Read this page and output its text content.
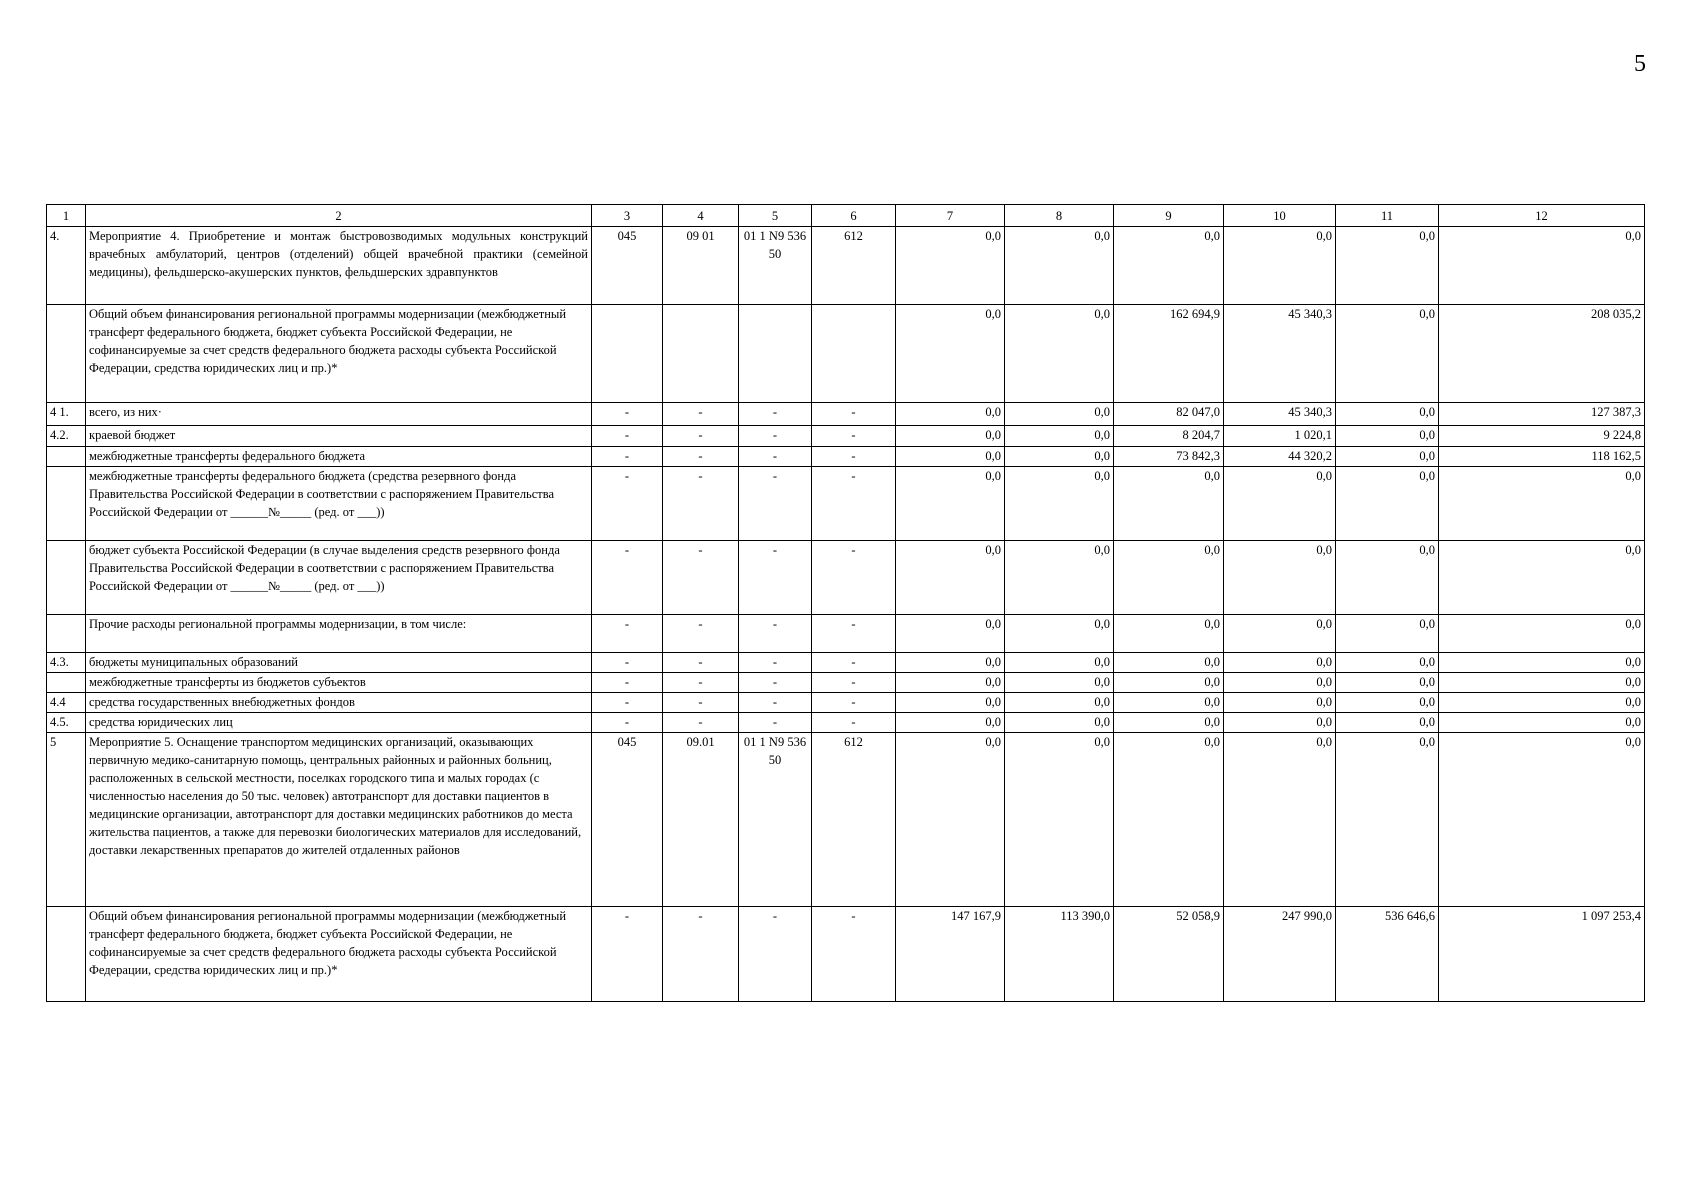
5
1	2	3	4	5	6	7	8	9	10	11	12
4.	Мероприятие 4. Приобретение и монтаж быстровозводимых модульных конструкций врачебных амбулаторий, центров (отделений) общей врачебной практики (семейной медицины), фельдшерско-акушерских пунктов, фельдшерских здравпунктов	045	09 01	01 1 N9 536 50	612	0,0	0,0	0,0	0,0	0,0	0,0
	Общий объем финансирования региональной программы модернизации (межбюджетный трансферт федерального бюджета, бюджет субъекта Российской Федерации, не софинансируемые за счет средств федерального бюджета расходы субъекта Российской Федерации, средства юридических лиц и пр.)*					0,0	0,0	162 694,9	45 340,3	0,0	208 035,2
4 1.	всего, из них·	-	-	-	-	0,0	0,0	82 047,0	45 340,3	0,0	127 387,3
4.2.	краевой бюджет	-	-	-	-	0,0	0,0	8 204,7	1 020,1	0,0	9 224,8
	межбюджетные трансферты федерального бюджета	-	-	-	-	0,0	0,0	73 842,3	44 320,2	0,0	118 162,5
	межбюджетные трансферты федерального бюджета (средства резервного фонда Правительства Российской Федерации в соответствии с распоряжением Правительства Российской Федерации от ______№_____ (ред. от ___))	-	-	-	-	0,0	0,0	0,0	0,0	0,0	0,0
	бюджет субъекта Российской Федерации (в случае выделения средств резервного фонда Правительства Российской Федерации в соответствии с распоряжением Правительства Российской Федерации от ______№_____ (ред. от ___))	-	-	-	-	0,0	0,0	0,0	0,0	0,0	0,0
	Прочие расходы региональной программы модернизации, в том числе:	-	-	-	-	0,0	0,0	0,0	0,0	0,0	0,0
4.3.	бюджеты муниципальных образований	-	-	-	-	0,0	0,0	0,0	0,0	0,0	0,0
	межбюджетные трансферты из бюджетов субъектов	-	-	-	-	0,0	0,0	0,0	0,0	0,0	0,0
4.4	средства государственных внебюджетных фондов	-	-	-	-	0,0	0,0	0,0	0,0	0,0	0,0
4.5.	средства юридических лиц	-	-	-	-	0,0	0,0	0,0	0,0	0,0	0,0
5	Мероприятие 5. Оснащение транспортом медицинских организаций, оказывающих первичную медико-санитарную помощь, центральных районных и районных больниц, расположенных в сельской местности, поселках городского типа и малых городах (с численностью населения до 50 тыс. человек) автотранспорт для доставки пациентов в медицинские организации, автотранспорт для доставки медицинских работников до места жительства пациентов, а также для перевозки биологических материалов для исследований, доставки лекарственных препаратов до жителей отдаленных районов	045	09.01	01 1 N9 536 50	612	0,0	0,0	0,0	0,0	0,0	0,0
	Общий объем финансирования региональной программы модернизации (межбюджетный трансферт федерального бюджета, бюджет субъекта Российской Федерации, не софинансируемые за счет средств федерального бюджета расходы субъекта Российской Федерации, средства юридических лиц и пр.)*	-	-	-	-	147 167,9	113 390,0	52 058,9	247 990,0	536 646,6	1 097 253,4
